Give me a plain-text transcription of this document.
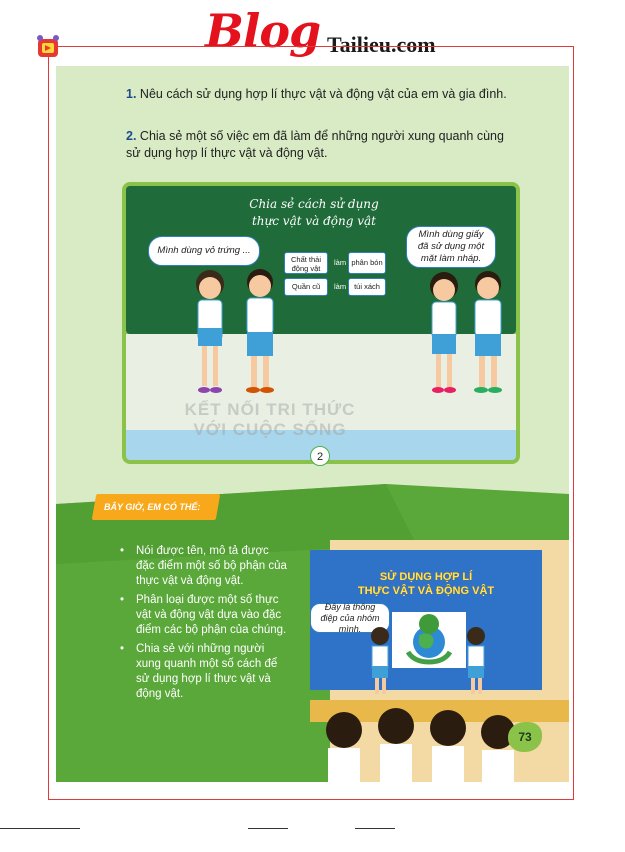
Blog Tailieu.com
1. Nêu cách sử dụng hợp lí thực vật và động vật của em và gia đình.
2. Chia sẻ một số việc em đã làm để những người xung quanh cùng sử dụng hợp lí thực vật và động vật.
Chia sẻ cách sử dụng
thực vật và động vật
Chất thải động vật
làm phân bón
Quần cũ	làm	túi xách
Mình dùng vỏ trứng ...
Mình dùng giấy đã sử dụng một mặt làm nháp.
2
KẾT NỐI TRI THỨC
VỚI CUỘC SỐNG
BÂY GIỜ, EM CÓ THỂ:
• Nói được tên, mô tả được đặc điểm một số bộ phận của thực vật và động vật.
• Phân loại được một số thực vật và động vật dựa vào đặc điểm các bộ phận của chúng.
• Chia sẻ với những người xung quanh một số cách để sử dụng hợp lí thực vật và động vật.
SỬ DỤNG HỢP LÍ
THỰC VẬT VÀ ĐỘNG VẬT
Đây là thông điệp của nhóm mình.
73
